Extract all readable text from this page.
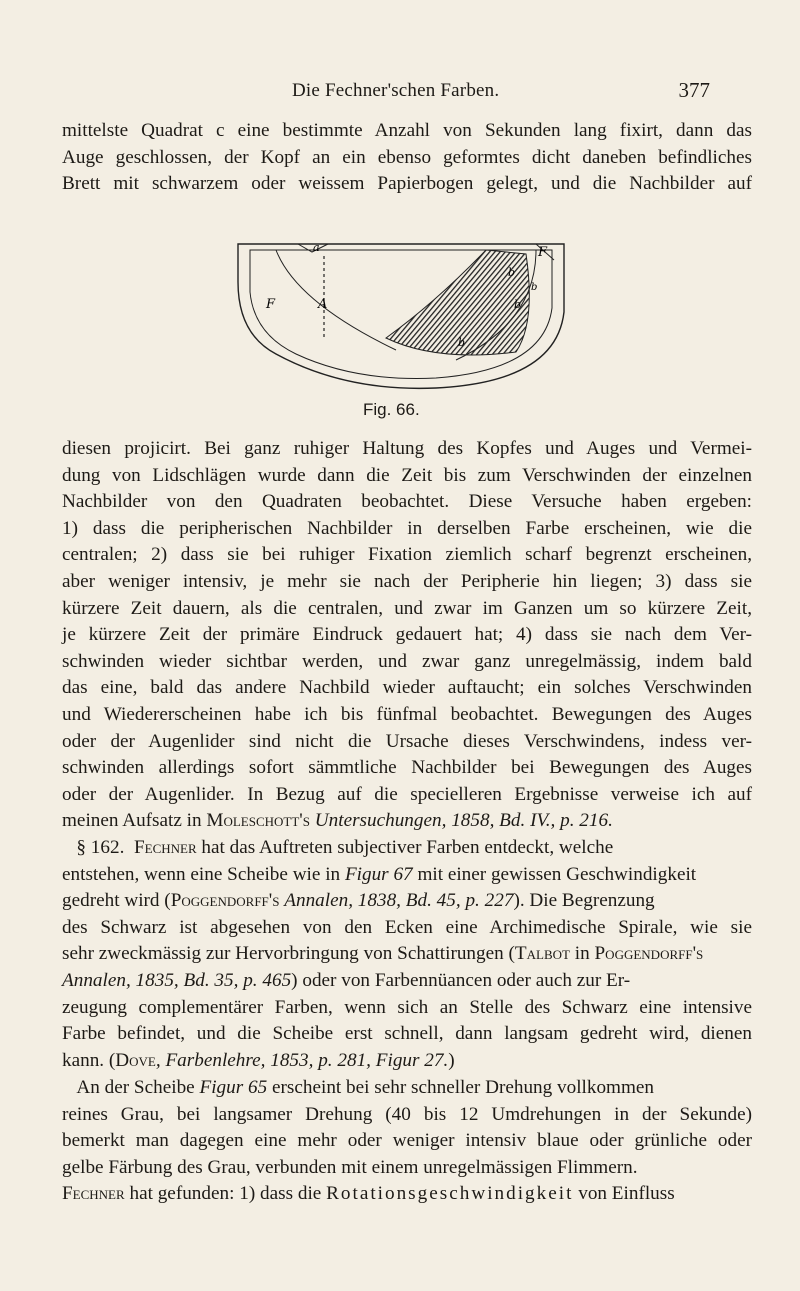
Die Fechner'schen Farben.	377

mittelste Quadrat c eine bestimmte Anzahl von Sekunden lang fixirt, dann das
Auge geschlossen, der Kopf an ein ebenso geformtes dicht daneben befindliches
Brett mit schwarzem oder weissem Papierbogen gelegt, und die Nachbilder auf

a
F	A
F
b
b
b
b
Fig. 66.

diesen projicirt. Bei ganz ruhiger Haltung des Kopfes und Auges und Vermei-
dung von Lidschlägen wurde dann die Zeit bis zum Verschwinden der einzelnen
Nachbilder von den Quadraten beobachtet. Diese Versuche haben ergeben:
1) dass die peripherischen Nachbilder in derselben Farbe erscheinen, wie die
centralen; 2) dass sie bei ruhiger Fixation ziemlich scharf begrenzt erscheinen,
aber weniger intensiv, je mehr sie nach der Peripherie hin liegen; 3) dass sie
kürzere Zeit dauern, als die centralen, und zwar im Ganzen um so kürzere Zeit,
je kürzere Zeit der primäre Eindruck gedauert hat; 4) dass sie nach dem Ver-
schwinden wieder sichtbar werden, und zwar ganz unregelmässig, indem bald
das eine, bald das andere Nachbild wieder auftaucht; ein solches Verschwinden
und Wiedererscheinen habe ich bis fünfmal beobachtet. Bewegungen des Auges
oder der Augenlider sind nicht die Ursache dieses Verschwindens, indess ver-
schwinden allerdings sofort sämmtliche Nachbilder bei Bewegungen des Auges
oder der Augenlider. In Bezug auf die specielleren Ergebnisse verweise ich auf
meinen Aufsatz in Moleschott's Untersuchungen, 1858, Bd. IV., p. 216.

§ 162. Fechner hat das Auftreten subjectiver Farben entdeckt, welche
entstehen, wenn eine Scheibe wie in Figur 67 mit einer gewissen Geschwindigkeit
gedreht wird (Poggendorff's Annalen, 1838, Bd. 45, p. 227). Die Begrenzung
des Schwarz ist abgesehen von den Ecken eine Archimedische Spirale, wie sie
sehr zweckmässig zur Hervorbringung von Schattirungen (Talbot in Poggendorff's
Annalen, 1835, Bd. 35, p. 465) oder von Farbennüancen oder auch zur Er-
zeugung complementärer Farben, wenn sich an Stelle des Schwarz eine intensive
Farbe befindet, und die Scheibe erst schnell, dann langsam gedreht wird, dienen
kann. (Dove, Farbenlehre, 1853, p. 281, Figur 27.)

An der Scheibe Figur 65 erscheint bei sehr schneller Drehung vollkommen
reines Grau, bei langsamer Drehung (40 bis 12 Umdrehungen in der Sekunde)
bemerkt man dagegen eine mehr oder weniger intensiv blaue oder grünliche oder
gelbe Färbung des Grau, verbunden mit einem unregelmässigen Flimmern.
Fechner hat gefunden: 1) dass die Rotationsgeschwindigkeit von Einfluss
